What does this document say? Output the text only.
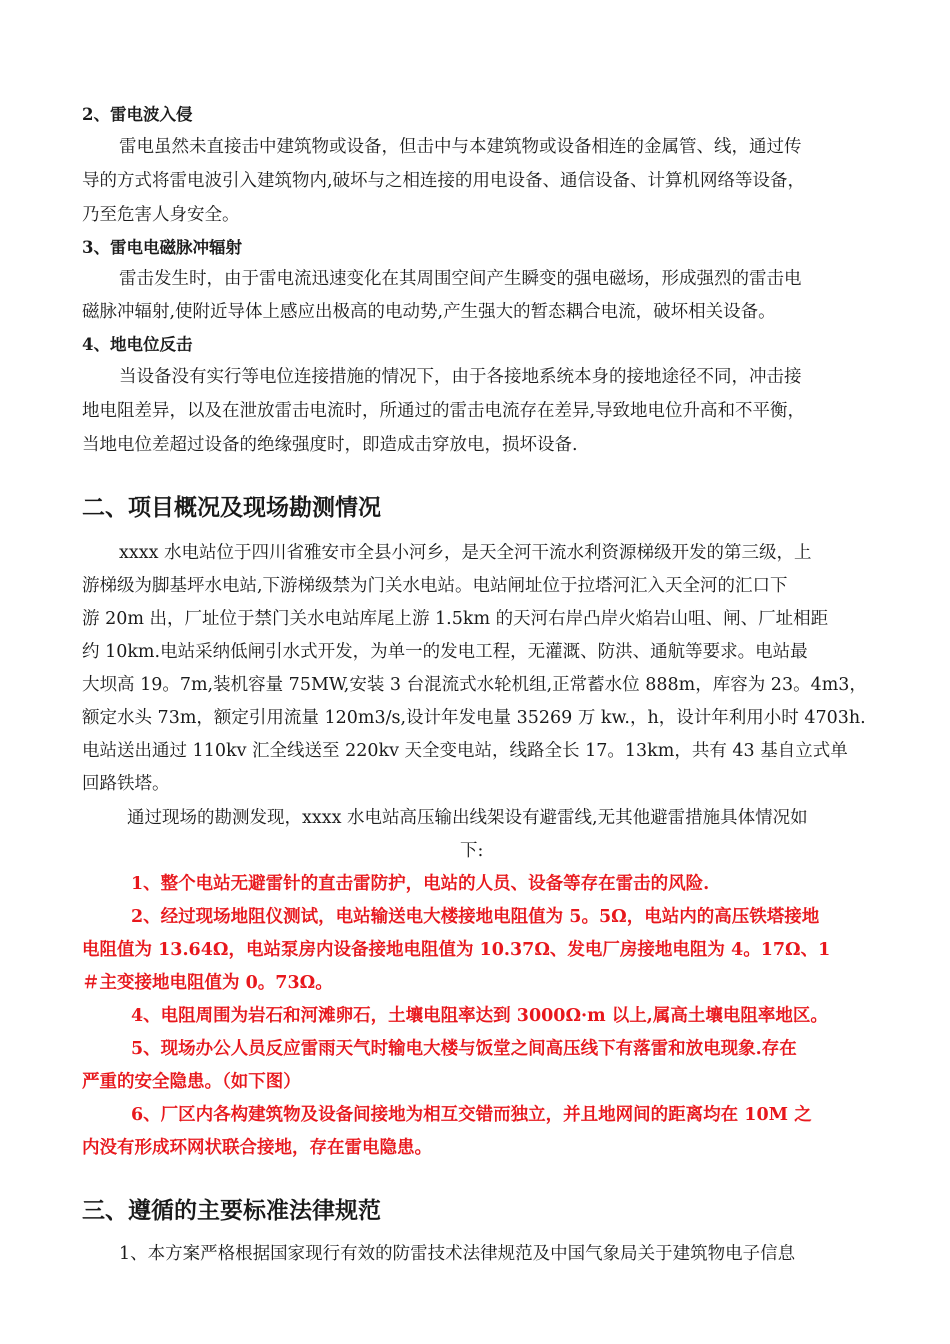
2、雷电波入侵
雷电虽然未直接击中建筑物或设备，但击中与本建筑物或设备相连的金属管、线，通过传
导的方式将雷电波引入建筑物内,破坏与之相连接的用电设备、通信设备、计算机网络等设备，
乃至危害人身安全。
3、雷电电磁脉冲辐射
雷击发生时，由于雷电流迅速变化在其周围空间产生瞬变的强电磁场，形成强烈的雷击电
磁脉冲辐射,使附近导体上感应出极高的电动势,产生强大的暂态耦合电流，破坏相关设备。
4、地电位反击
当设备没有实行等电位连接措施的情况下，由于各接地系统本身的接地途径不同，冲击接
地电阻差异，以及在泄放雷击电流时，所通过的雷击电流存在差异,导致地电位升高和不平衡，
当地电位差超过设备的绝缘强度时，即造成击穿放电，损坏设备.
二、项目概况及现场勘测情况
xxxx 水电站位于四川省雅安市全县小河乡，是天全河干流水利资源梯级开发的第三级，上
游梯级为脚基坪水电站,下游梯级禁为门关水电站。电站闸址位于拉塔河汇入天全河的汇口下
游 20m 出，厂址位于禁门关水电站库尾上游 1.5km 的天河右岸凸岸火焰岩山咀、闸、厂址相距
约 10km.电站采纳低闸引水式开发，为单一的发电工程，无灌溉、防洪、通航等要求。电站最
大坝高 19。7m,装机容量 75MW,安装 3 台混流式水轮机组,正常蓄水位 888m，库容为 23。4m3，
额定水头 73m，额定引用流量 120m3/s,设计年发电量 35269 万 kw.，h，设计年利用小时 4703h.
电站送出通过 110kv 汇全线送至 220kv 天全变电站，线路全长 17。13km，共有 43 基自立式单
回路铁塔。
通过现场的勘测发现，xxxx 水电站高压输出线架设有避雷线,无其他避雷措施具体情况如
下:
1、整个电站无避雷针的直击雷防护，电站的人员、设备等存在雷击的风险.
2、经过现场地阻仪测试，电站输送电大楼接地电阻值为 5。5Ω，电站内的高压铁塔接地
电阻值为 13.64Ω，电站泵房内设备接地电阻值为 10.37Ω、发电厂房接地电阻为 4。17Ω、1
＃主变接地电阻值为 0。73Ω。
4、电阻周围为岩石和河滩卵石，土壤电阻率达到 3000Ω·m 以上,属高土壤电阻率地区。
5、现场办公人员反应雷雨天气时输电大楼与饭堂之间高压线下有落雷和放电现象.存在
严重的安全隐患。（如下图）
6、厂区内各构建筑物及设备间接地为相互交错而独立，并且地网间的距离均在 10M 之
内没有形成环网状联合接地，存在雷电隐患。
三、遵循的主要标准法律规范
1、本方案严格根据国家现行有效的防雷技术法律规范及中国气象局关于建筑物电子信息
